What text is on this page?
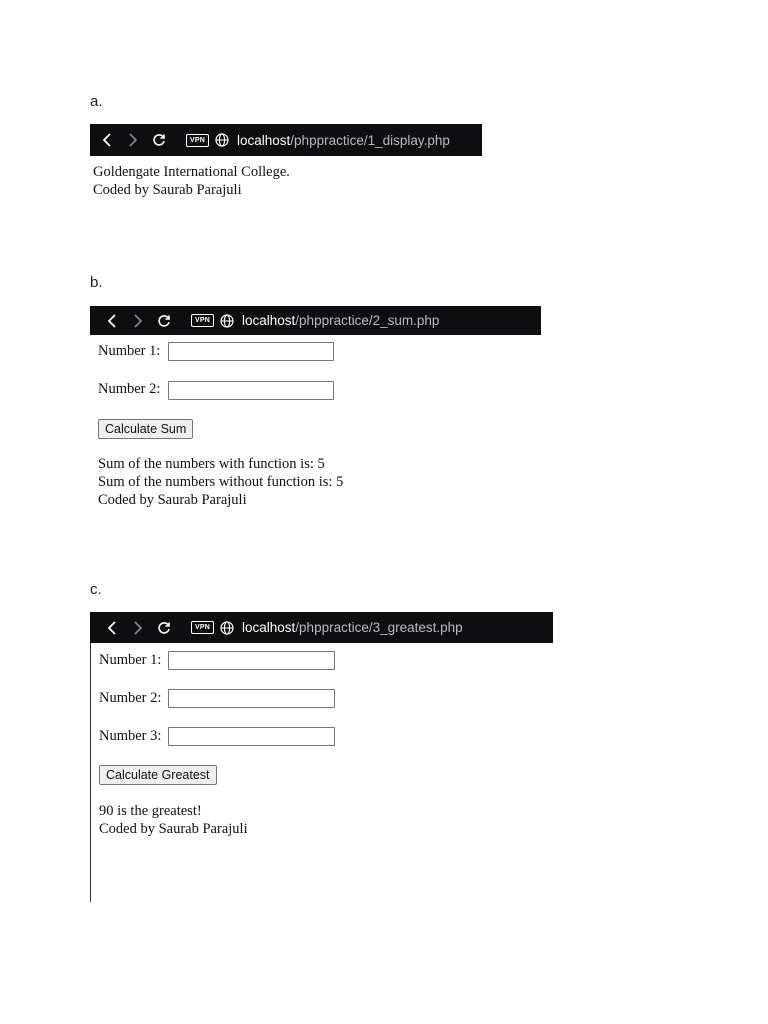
a.
VPN localhost/phppractice/1_display.php
Goldengate International College.
Coded by Saurab Parajuli
b.
VPN localhost/phppractice/2_sum.php
Number 1:
Number 2:
Calculate Sum
Sum of the numbers with function is: 5
Sum of the numbers without function is: 5
Coded by Saurab Parajuli
c.
VPN localhost/phppractice/3_greatest.php
Number 1:
Number 2:
Number 3:
Calculate Greatest
90 is the greatest!
Coded by Saurab Parajuli
